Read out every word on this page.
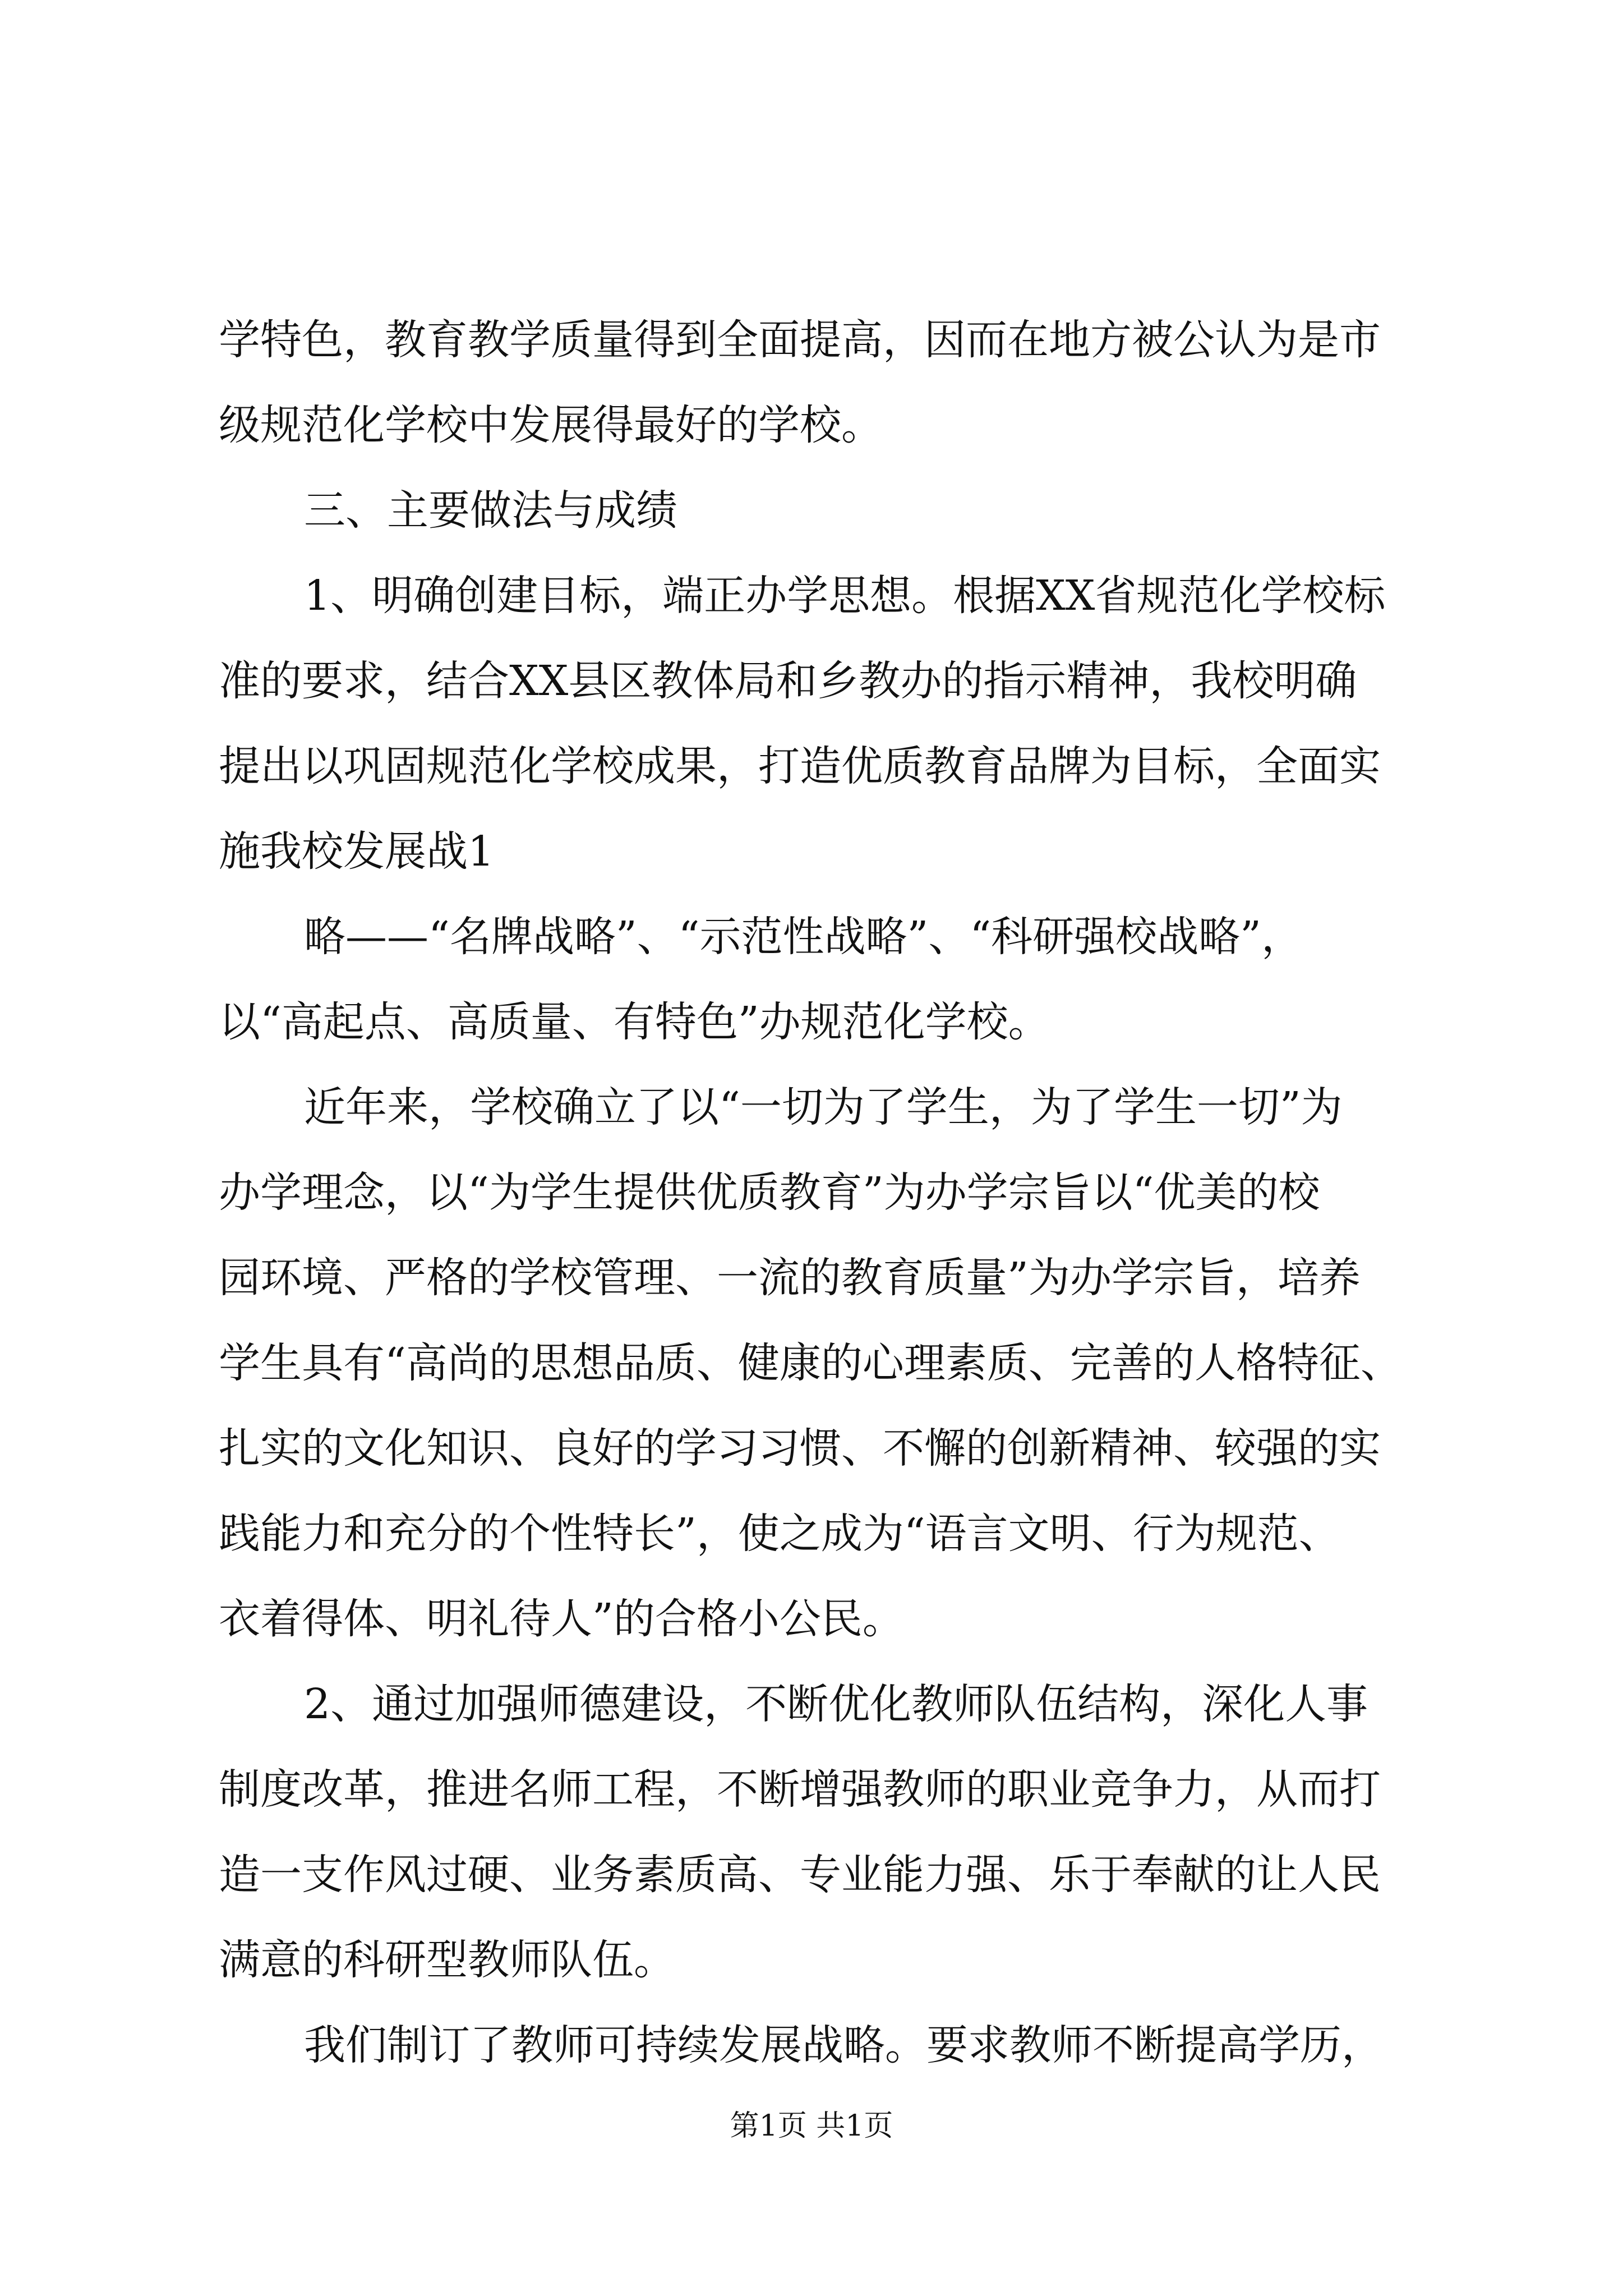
学特色，教育教学质量得到全面提高，因而在地方被公认为是市
级规范化学校中发展得最好的学校。
三、主要做法与成绩
1、明确创建目标，端正办学思想。根据XX省规范化学校标
准的要求，结合XX县区教体局和乡教办的指示精神，我校明确
提出以巩固规范化学校成果，打造优质教育品牌为目标，全面实
施我校发展战1
略——“名牌战略”、“示范性战略”、“科研强校战略”，
以“高起点、高质量、有特色”办规范化学校。
近年来，学校确立了以“一切为了学生，为了学生一切”为
办学理念，以“为学生提供优质教育”为办学宗旨以“优美的校
园环境、严格的学校管理、一流的教育质量”为办学宗旨，培养
学生具有“高尚的思想品质、健康的心理素质、完善的人格特征、
扎实的文化知识、良好的学习习惯、不懈的创新精神、较强的实
践能力和充分的个性特长”，使之成为“语言文明、行为规范、
衣着得体、明礼待人”的合格小公民。
2、通过加强师德建设，不断优化教师队伍结构，深化人事
制度改革，推进名师工程，不断增强教师的职业竞争力，从而打
造一支作风过硬、业务素质高、专业能力强、乐于奉献的让人民
满意的科研型教师队伍。
我们制订了教师可持续发展战略。要求教师不断提高学历，
第1页 共1页
